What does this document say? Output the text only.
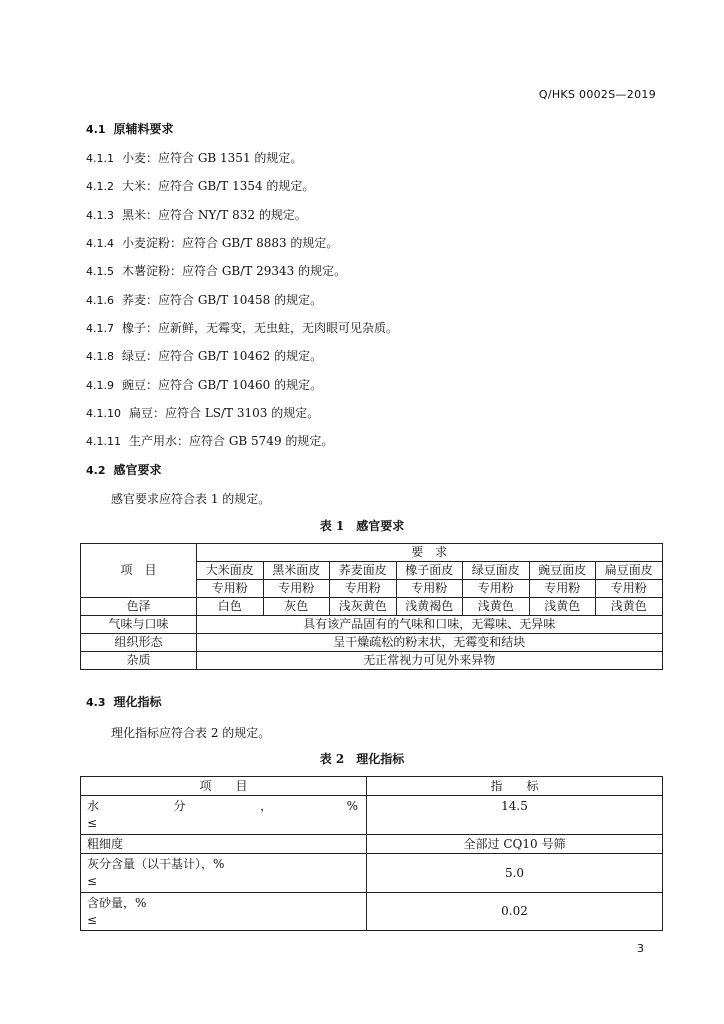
Q/HKS 0002S—2019
4.1 原辅料要求
4.1.1 小麦：应符合 GB 1351 的规定。
4.1.2 大米：应符合 GB/T 1354 的规定。
4.1.3 黑米：应符合 NY/T 832 的规定。
4.1.4 小麦淀粉：应符合 GB/T 8883 的规定。
4.1.5 木薯淀粉：应符合 GB/T 29343 的规定。
4.1.6 荞麦：应符合 GB/T 10458 的规定。
4.1.7 橡子：应新鲜，无霉变，无虫蛀，无肉眼可见杂质。
4.1.8 绿豆：应符合 GB/T 10462 的规定。
4.1.9 豌豆：应符合 GB/T 10460 的规定。
4.1.10 扁豆：应符合 LS/T 3103 的规定。
4.1.11 生产用水：应符合 GB 5749 的规定。
4.2 感官要求
感官要求应符合表 1 的规定。
表 1　感官要求
项　目	要　求						
	大米面皮	黑米面皮	荞麦面皮	橡子面皮	绿豆面皮	豌豆面皮	扁豆面皮
	专用粉	专用粉	专用粉	专用粉	专用粉	专用粉	专用粉
色泽	白色	灰色	浅灰黄色	浅黄褐色	浅黄色	浅黄色	浅黄色
气味与口味	具有该产品固有的气味和口味，无霉味、无异味						
组织形态	呈干燥疏松的粉末状，无霉变和结块						
杂质	无正常视力可见外来异物						
4.3 理化指标
理化指标应符合表 2 的规定。
表 2　理化指标
项　　目	指　　标

水 分 ， %
≤	14.5
粗细度	全部过 CQ10 号筛

灰分含量（以干基计），%
≤	5.0

含砂量，%
≤	0.02
3
